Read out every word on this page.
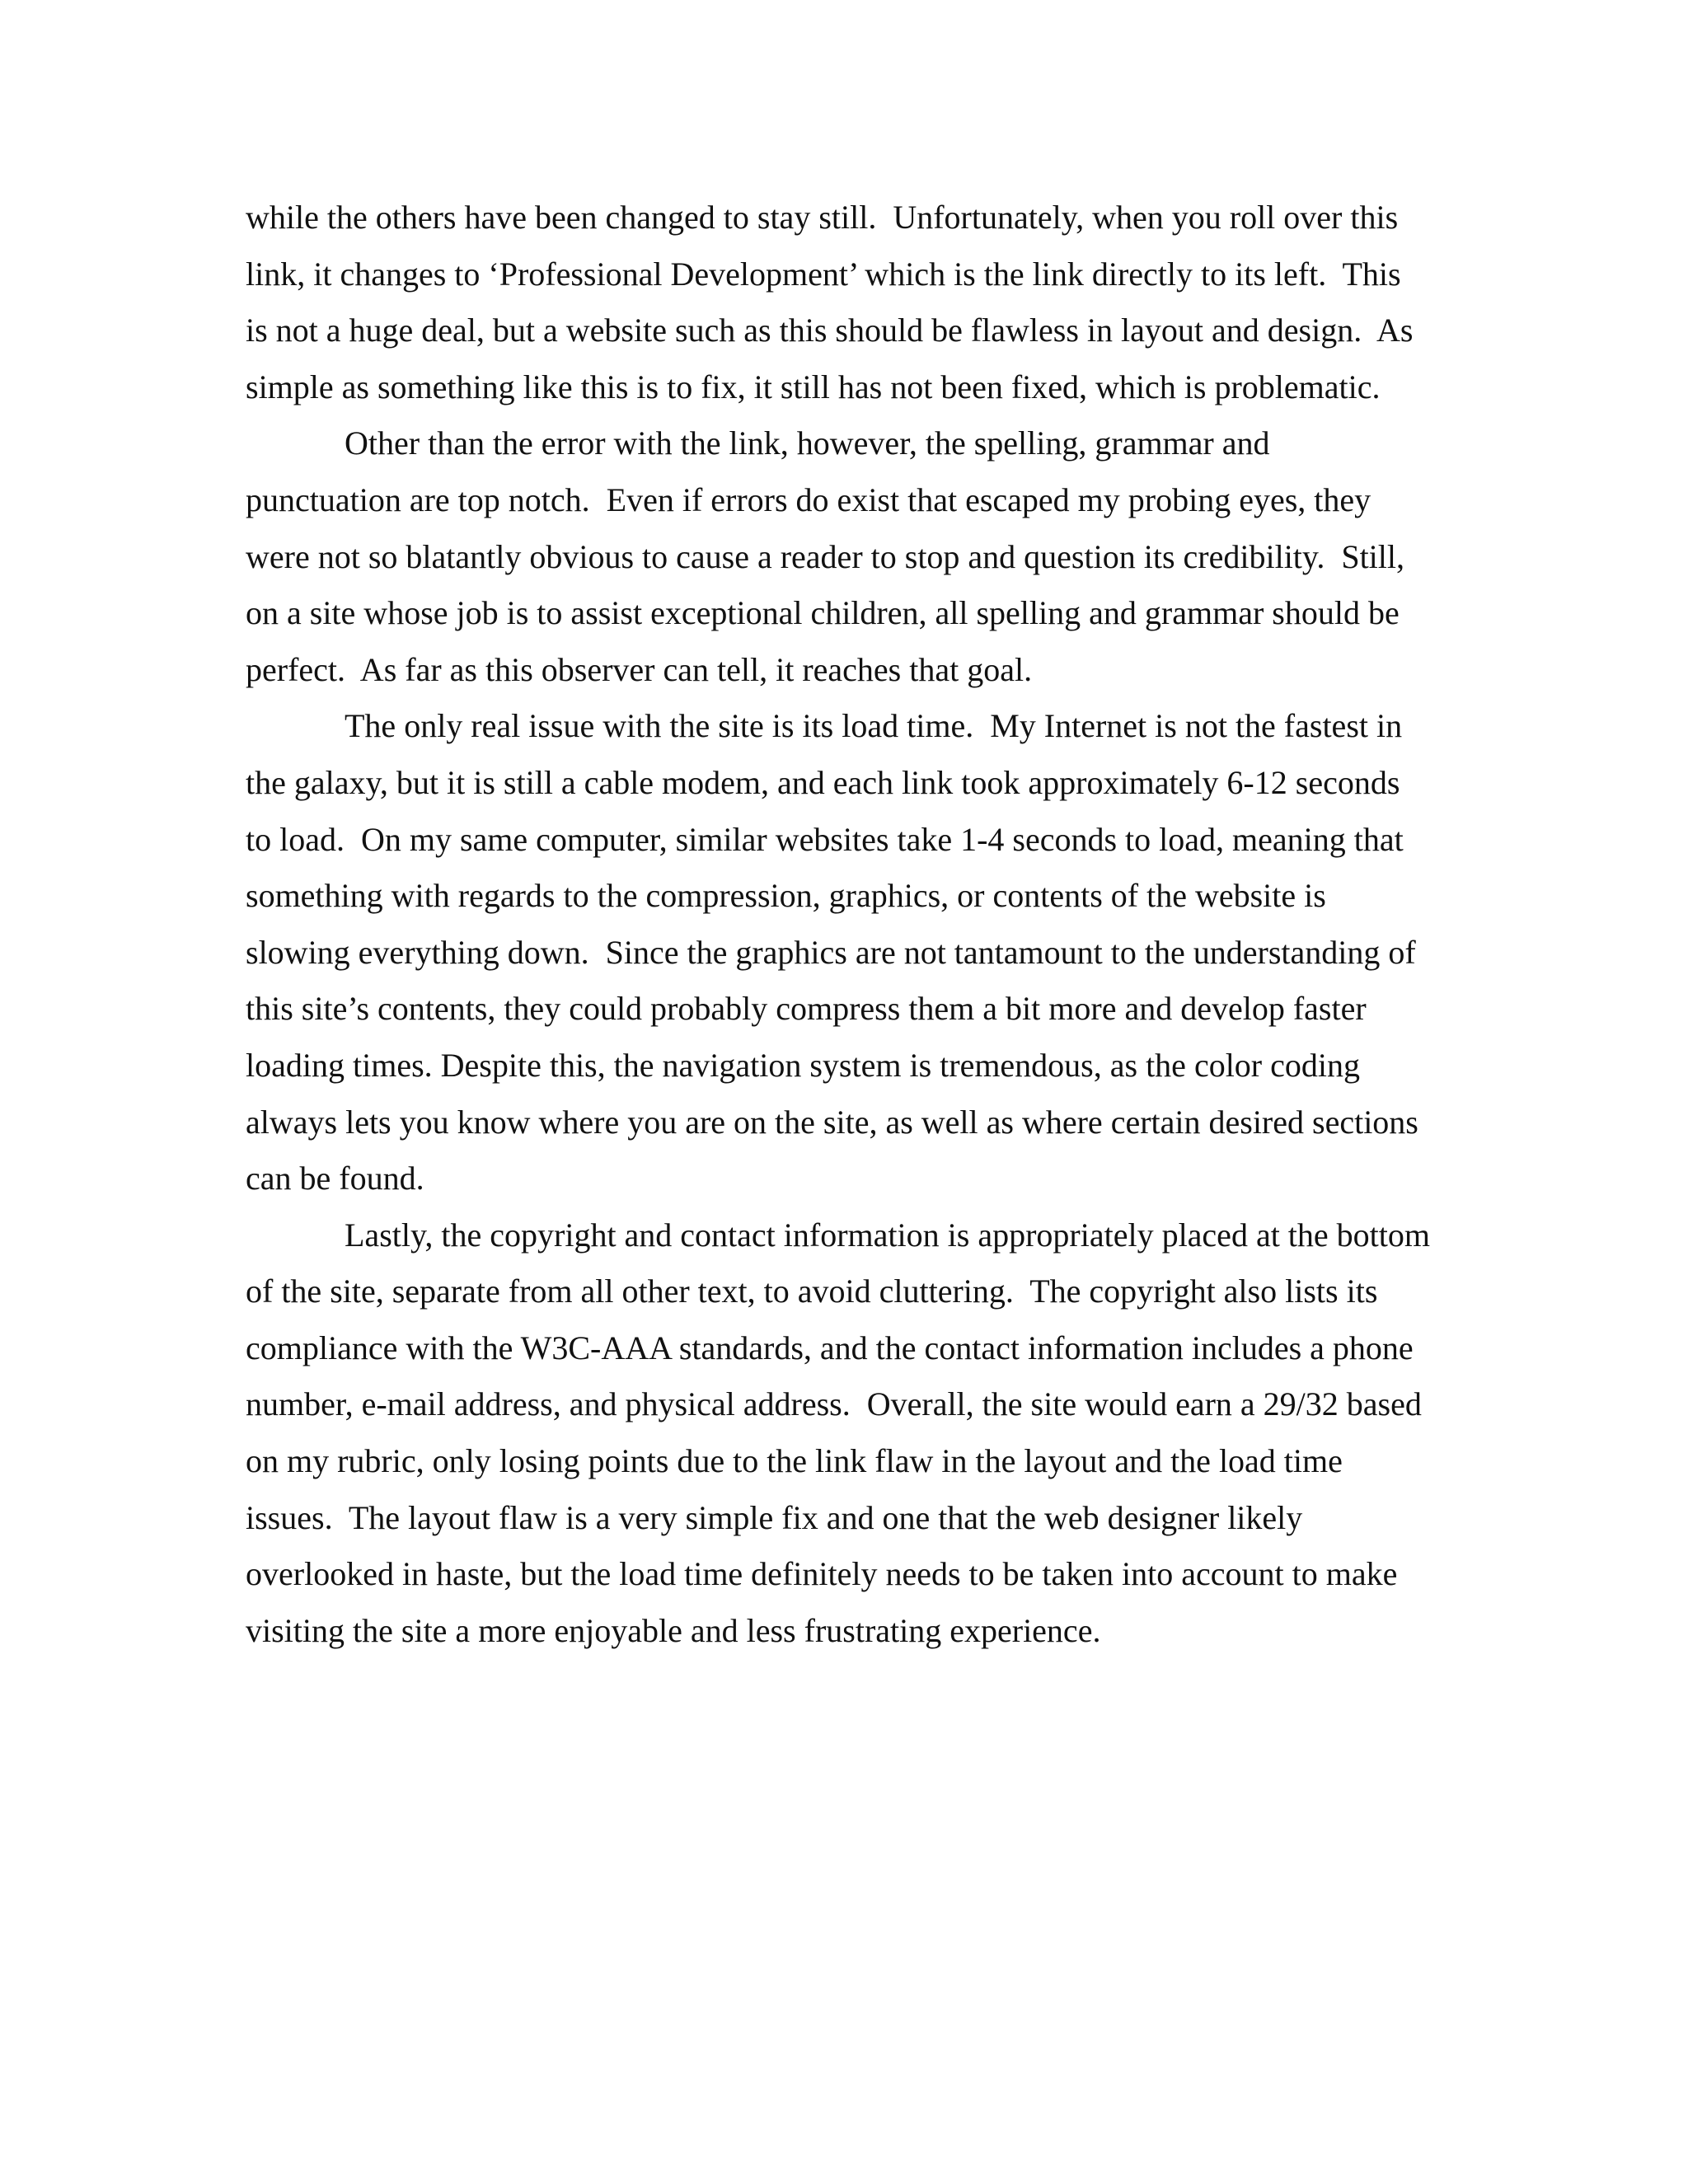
while the others have been changed to stay still.  Unfortunately, when you roll over this
link, it changes to ‘Professional Development’ which is the link directly to its left.  This
is not a huge deal, but a website such as this should be flawless in layout and design.  As
simple as something like this is to fix, it still has not been fixed, which is problematic.
Other than the error with the link, however, the spelling, grammar and
punctuation are top notch.  Even if errors do exist that escaped my probing eyes, they
were not so blatantly obvious to cause a reader to stop and question its credibility.  Still,
on a site whose job is to assist exceptional children, all spelling and grammar should be
perfect.  As far as this observer can tell, it reaches that goal.
The only real issue with the site is its load time.  My Internet is not the fastest in
the galaxy, but it is still a cable modem, and each link took approximately 6-12 seconds
to load.  On my same computer, similar websites take 1-4 seconds to load, meaning that
something with regards to the compression, graphics, or contents of the website is
slowing everything down.  Since the graphics are not tantamount to the understanding of
this site’s contents, they could probably compress them a bit more and develop faster
loading times. Despite this, the navigation system is tremendous, as the color coding
always lets you know where you are on the site, as well as where certain desired sections
can be found.
Lastly, the copyright and contact information is appropriately placed at the bottom
of the site, separate from all other text, to avoid cluttering.  The copyright also lists its
compliance with the W3C-AAA standards, and the contact information includes a phone
number, e-mail address, and physical address.  Overall, the site would earn a 29/32 based
on my rubric, only losing points due to the link flaw in the layout and the load time
issues.  The layout flaw is a very simple fix and one that the web designer likely
overlooked in haste, but the load time definitely needs to be taken into account to make
visiting the site a more enjoyable and less frustrating experience.
